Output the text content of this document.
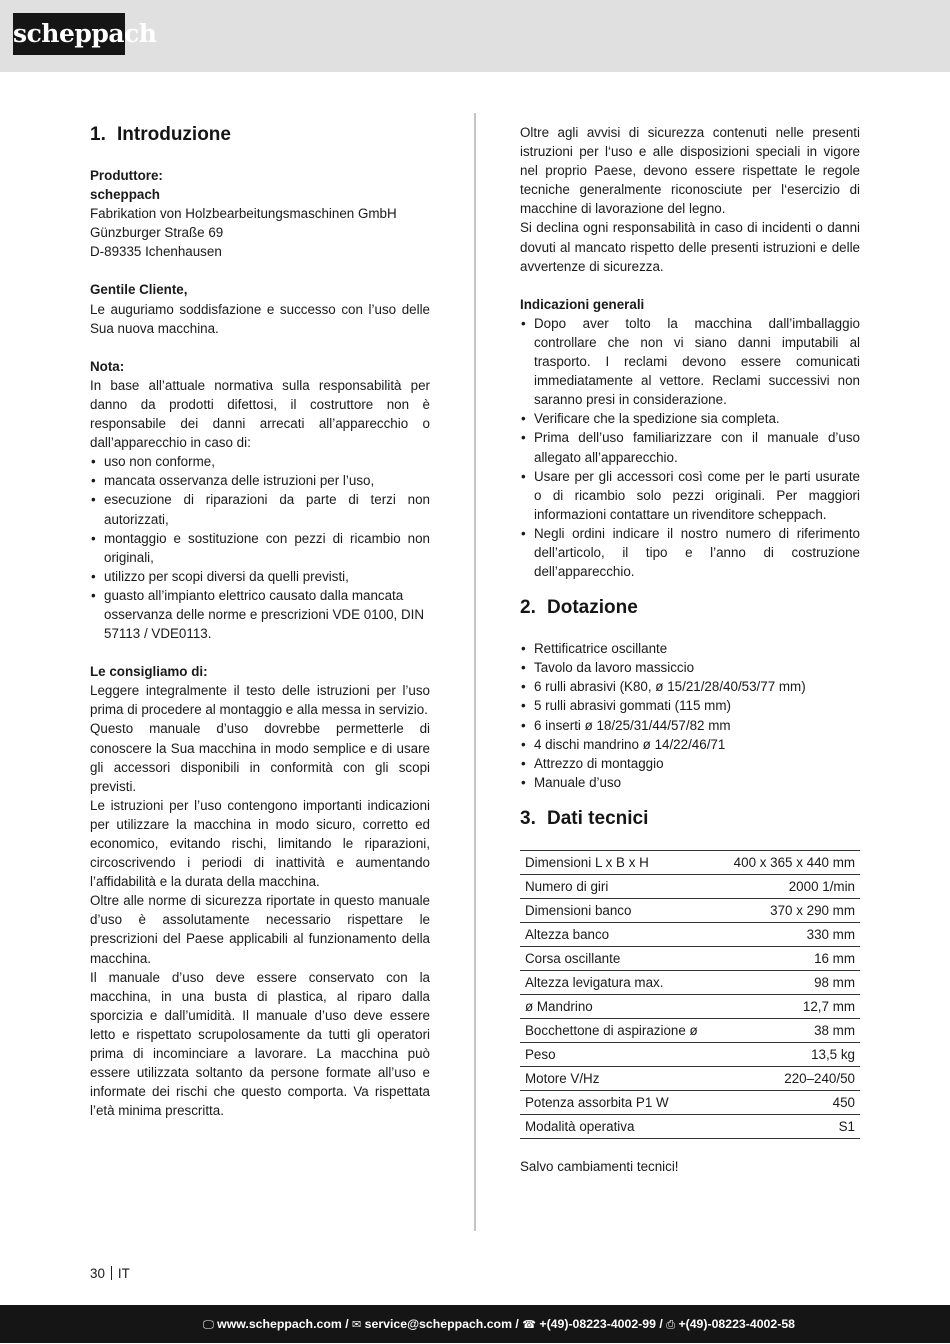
scheppach
1. Introduzione

Produttore:

scheppach

Fabrikation von Holzbearbeitungsmaschinen GmbH

Günzburger Straße 69

D-89335 Ichenhausen

Gentile Cliente,

Le auguriamo soddisfazione e successo con l’uso delle Sua nuova macchina.

Nota:

In base all’attuale normativa sulla responsabilità per danno da prodotti difettosi, il costruttore non è responsabile dei danni arrecati all’apparecchio o dall’apparecchio in caso di:

• uso non conforme,
• mancata osservanza delle istruzioni per l’uso,
• esecuzione di riparazioni da parte di terzi non autorizzati,
• montaggio e sostituzione con pezzi di ricambio non originali,
• utilizzo per scopi diversi da quelli previsti,
• guasto all’impianto elettrico causato dalla mancata osservanza delle norme e prescrizioni VDE 0100, DIN 57113 / VDE0113.

Le consigliamo di:

Leggere integralmente il testo delle istruzioni per l’uso prima di procedere al montaggio e alla messa in servizio.

Questo manuale d’uso dovrebbe permetterle di conoscere la Sua macchina in modo semplice e di usare gli accessori disponibili in conformità con gli scopi previsti.

Le istruzioni per l’uso contengono importanti indicazioni per utilizzare la macchina in modo sicuro, corretto ed economico, evitando rischi, limitando le riparazioni, circoscrivendo i periodi di inattività e aumentando l’affidabilità e la durata della macchina.

Oltre alle norme di sicurezza riportate in questo manuale d’uso è assolutamente necessario rispettare le prescrizioni del Paese applicabili al funzionamento della macchina.

Il manuale d’uso deve essere conservato con la macchina, in una busta di plastica, al riparo dalla sporcizia e dall’umidità. Il manuale d’uso deve essere letto e rispettato scrupolosamente da tutti gli operatori prima di incominciare a lavorare. La macchina può essere utilizzata soltanto da persone formate all’uso e informate dei rischi che questo comporta. Va rispettata l’età minima prescritta.

Oltre agli avvisi di sicurezza contenuti nelle presenti istruzioni per l‘uso e alle disposizioni speciali in vigore nel proprio Paese, devono essere rispettate le regole tecniche generalmente riconosciute per l‘esercizio di macchine di lavorazione del legno.

Si declina ogni responsabilità in caso di incidenti o danni dovuti al mancato rispetto delle presenti istruzioni e delle avvertenze di sicurezza.

Indicazioni generali

• Dopo aver tolto la macchina dall’imballaggio controllare che non vi siano danni imputabili al trasporto. I reclami devono essere comunicati immediatamente al vettore. Reclami successivi non saranno presi in considerazione.
• Verificare che la spedizione sia completa.
• Prima dell’uso familiarizzare con il manuale d’uso allegato all’apparecchio.
• Usare per gli accessori così come per le parti usurate o di ricambio solo pezzi originali. Per maggiori informazioni contattare un rivenditore scheppach.
• Negli ordini indicare il nostro numero di riferimento dell’articolo, il tipo e l’anno di costruzione dell’apparecchio.
2. Dotazione
• Rettificatrice oscillante
• Tavolo da lavoro massiccio
• 6 rulli abrasivi (K80, ø 15/21/28/40/53/77 mm)
• 5 rulli abrasivi gommati (115 mm)
• 6 inserti ø 18/25/31/44/57/82 mm
• 4 dischi mandrino ø 14/22/46/71
• Attrezzo di montaggio
• Manuale d’uso
3. Dati tecnici
Dimensioni L x B x H	400 x 365 x 440 mm
Numero di giri	2000 1/min
Dimensioni banco	370 x 290 mm
Altezza banco	330 mm
Corsa oscillante	16 mm
Altezza levigatura max.	98 mm
ø Mandrino	12,7 mm
Bocchettone di aspirazione ø	38 mm
Peso	13,5 kg
Motore V/Hz	220–240/50
Potenza assorbita P1 W	450
Modalità operativa	S1

Salvo cambiamenti tecnici!

30 IT
🖵︎ www.scheppach.com / ✉︎ service@scheppach.com / ☎︎ +(49)-08223-4002-99 / ⎙ +(49)-08223-4002-58
